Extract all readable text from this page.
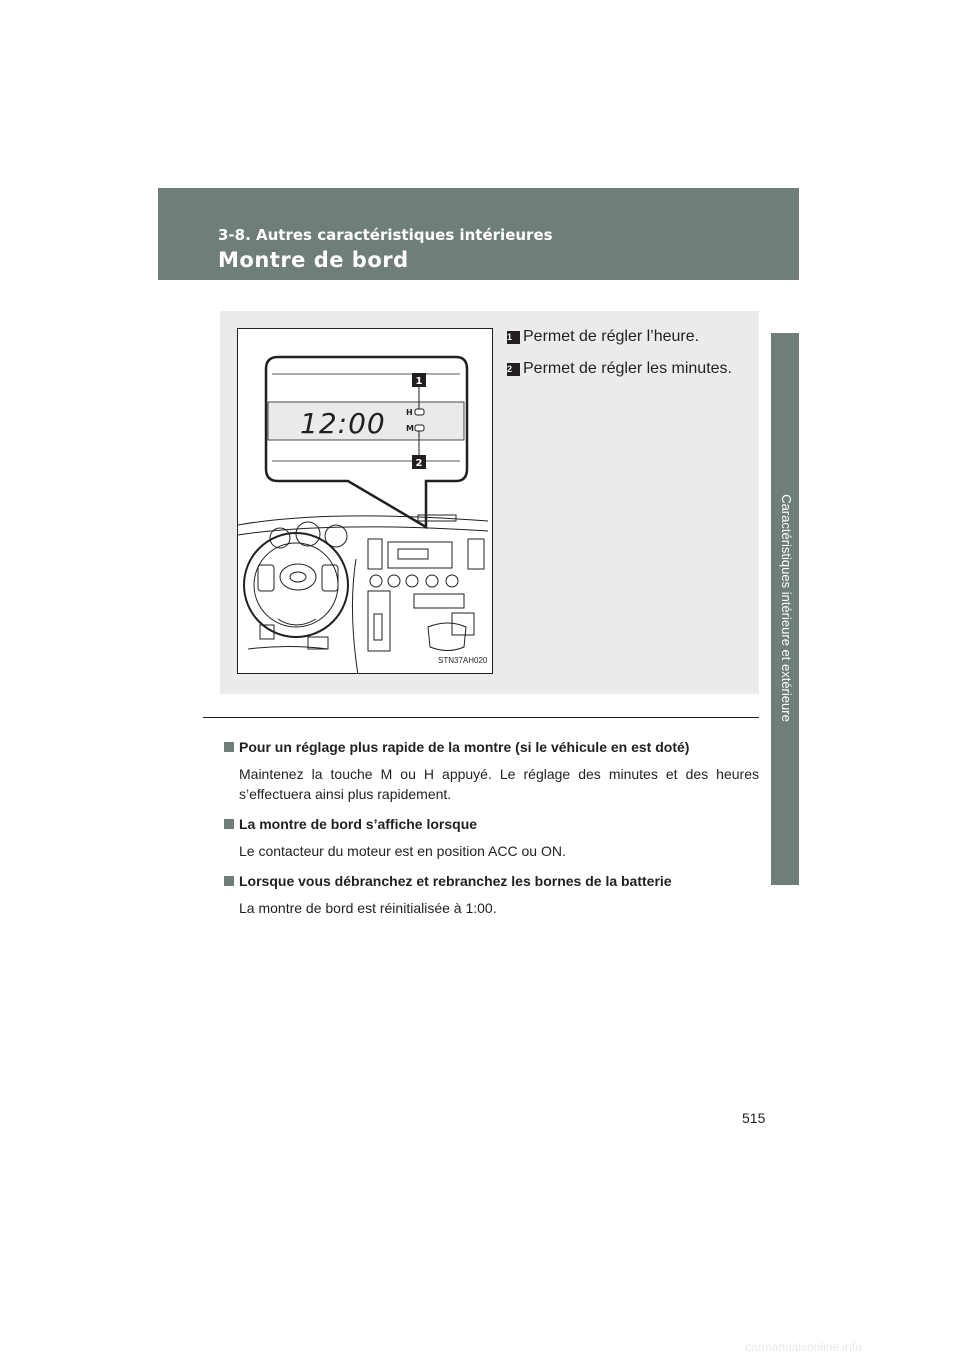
3-8. Autres caractéristiques intérieures
Montre de bord
3
Caractéristiques intérieure et extérieure
12:00	H
M
1
2
STN37AH020
1 Permet de régler l’heure.
2 Permet de régler les minutes.

Pour un réglage plus rapide de la montre (si le véhicule en est doté)

Maintenez la touche M ou H appuyé. Le réglage des minutes et des heures s’effectuera ainsi plus rapidement.

La montre de bord s’affiche lorsque

Le contacteur du moteur est en position ACC ou ON.

Lorsque vous débranchez et rebranchez les bornes de la batterie

La montre de bord est réinitialisée à 1:00.

515
carmanualsonline.info
